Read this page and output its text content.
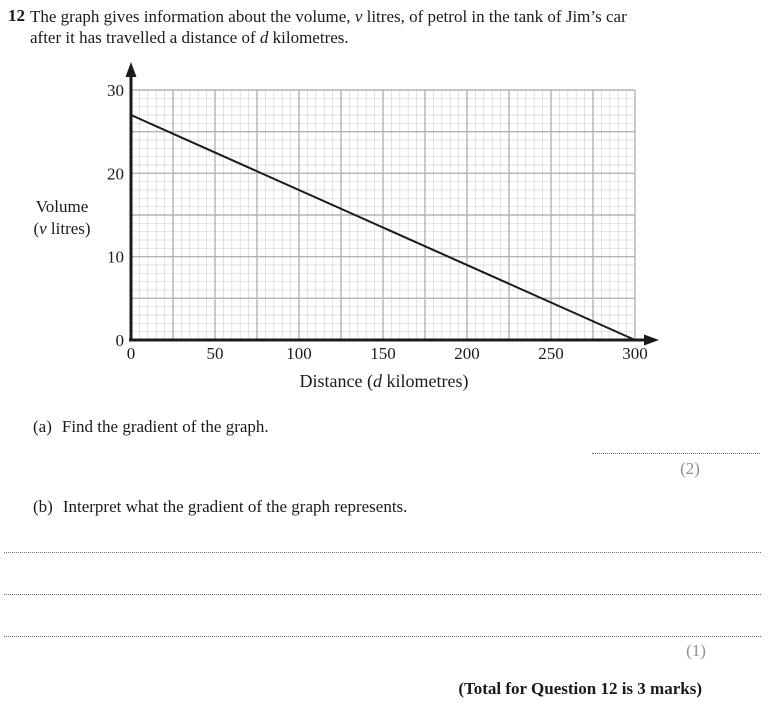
12 The graph gives information about the volume, v litres, of petrol in the tank of Jim’s car
after it has travelled a distance of d kilometres.
0	50	100	150	200	250	300
0
10
20
30
Volume
(v litres)
Distance (d kilometres)
(a) Find the gradient of the graph.
(2)
(b) Interpret what the gradient of the graph represents.
(1)
(Total for Question 12 is 3 marks)
